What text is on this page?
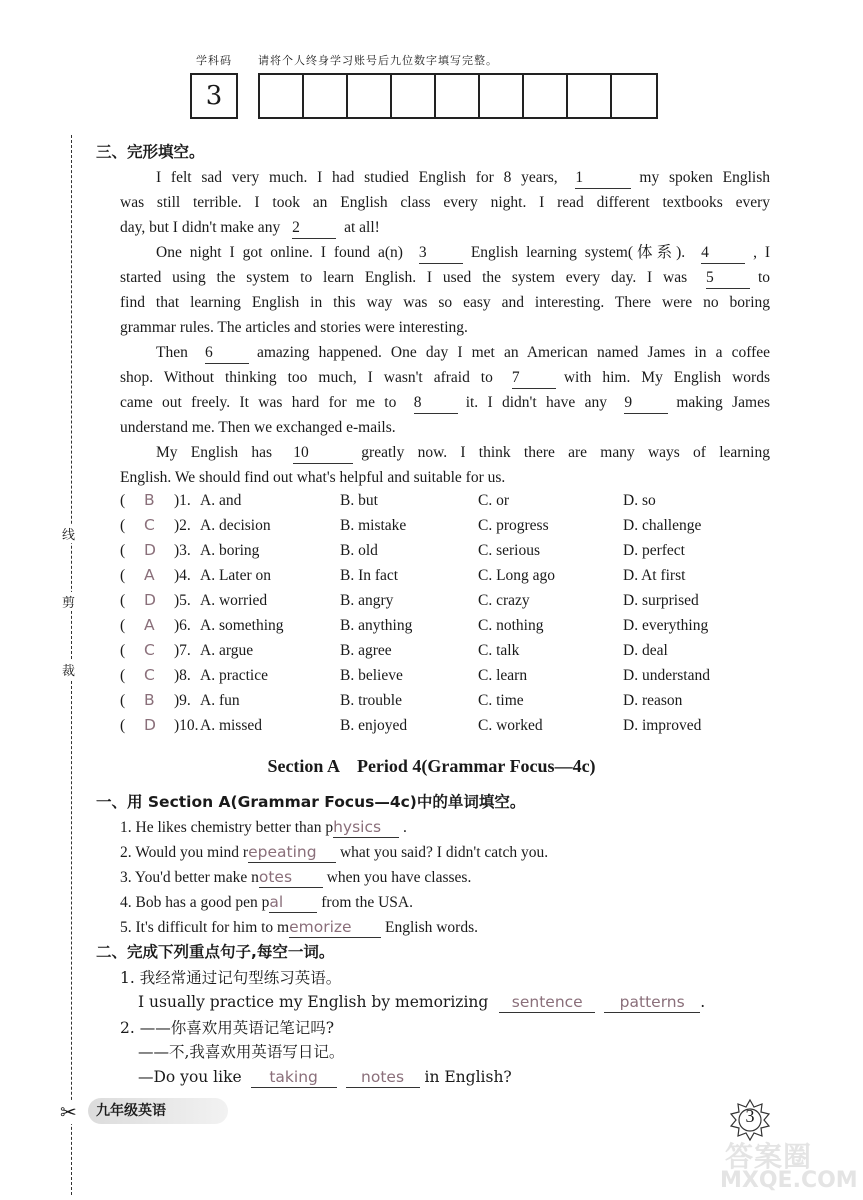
学科码 请将个人终身学习账号后九位数字填写完整。
3
线
剪
裁
✂
三、完形填空。
I felt sad very much. I had studied English for 8 years, 1	my spoken English
was still terrible. I took an English class every night. I read different textbooks every
day, but I didn't make any 2	at all!
One night I got online. I found a(n) 3	English learning system(体系). 4	, I
started using the system to learn English. I used the system every day. I was 5	to
find that learning English in this way was so easy and interesting. There were no boring
grammar rules. The articles and stories were interesting.
Then 6	amazing happened. One day I met an American named James in a coffee
shop. Without thinking too much, I wasn't afraid to 7	with him. My English words
came out freely. It was hard for me to 8	it. I didn't have any 9	making James
understand me. Then we exchanged e-mails.
My English has 10	greatly now. I think there are many ways of learning
English. We should find out what's helpful and suitable for us.
( B )1. A. and	B. but	C. or	D. so
( C )2. A. decision	B. mistake	C. progress	D. challenge
( D )3. A. boring	B. old	C. serious	D. perfect
( A )4. A. Later on	B. In fact	C. Long ago	D. At first
( D )5. A. worried	B. angry	C. crazy	D. surprised
( A )6. A. something	B. anything	C. nothing	D. everything
( C )7. A. argue	B. agree	C. talk	D. deal
( C )8. A. practice	B. believe	C. learn	D. understand
( B )9. A. fun	B. trouble	C. time	D. reason
( D )10. A. missed	B. enjoyed	C. worked	D. improved
Section A　Period 4(Grammar Focus—4c)
一、用 Section A(Grammar Focus—4c)中的单词填空。
1. He likes chemistry better than physics .
2. Would you mind repeating what you said? I didn't catch you.
3. You'd better make notes when you have classes.
4. Bob has a good pen pal from the USA.
5. It's difficult for him to memorize English words.
二、完成下列重点句子,每空一词。
1. 我经常通过记句型练习英语。
I usually practice my English by memorizing sentence patterns .
2. ——你喜欢用英语记笔记吗?
——不,我喜欢用英语写日记。
—Do you like taking	notes in English?
九年级英语	3
答案圈
MXQE.COM
